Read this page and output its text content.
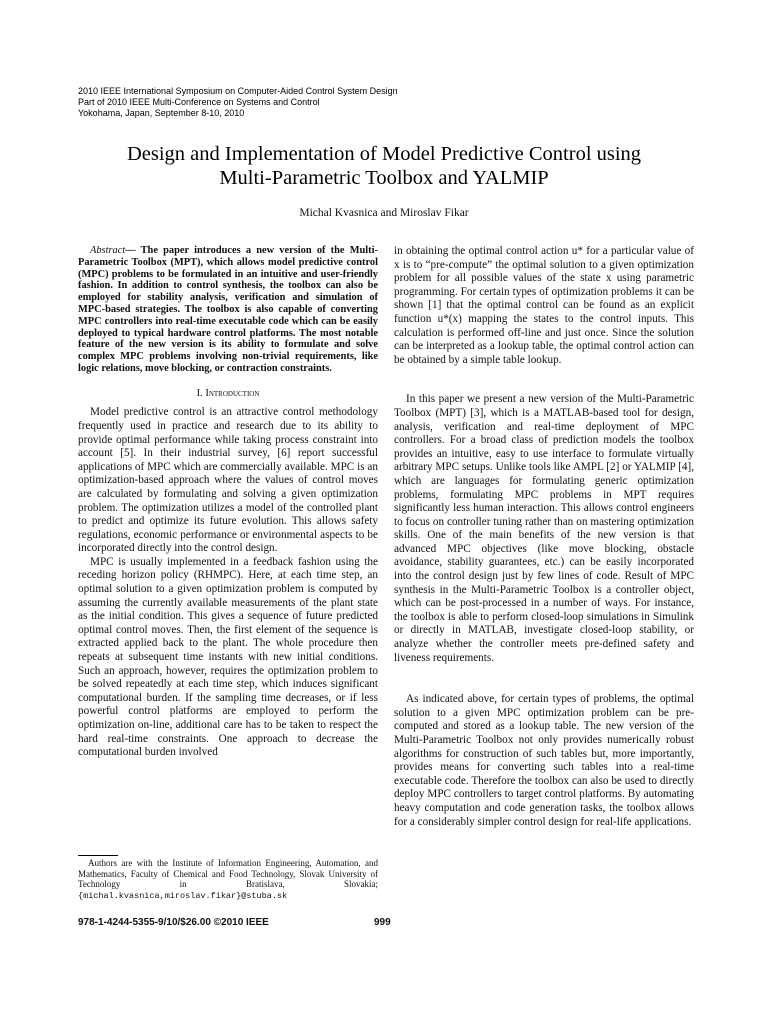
2010 IEEE International Symposium on Computer-Aided Control System Design
Part of 2010 IEEE Multi-Conference on Systems and Control
Yokohama, Japan, September 8-10, 2010
Design and Implementation of Model Predictive Control using
Multi-Parametric Toolbox and YALMIP
Michal Kvasnica and Miroslav Fikar
Abstract— The paper introduces a new version of the Multi-Parametric Toolbox (MPT), which allows model predictive control (MPC) problems to be formulated in an intuitive and user-friendly fashion. In addition to control synthesis, the toolbox can also be employed for stability analysis, verification and simulation of MPC-based strategies. The toolbox is also capable of converting MPC controllers into real-time executable code which can be easily deployed to typical hardware control platforms. The most notable feature of the new version is its ability to formulate and solve complex MPC problems involving non-trivial requirements, like logic relations, move blocking, or contraction constraints.
I. Introduction

Model predictive control is an attractive control methodology frequently used in practice and research due to its ability to provide optimal performance while taking process constraint into account [5]. In their industrial survey, [6] report successful applications of MPC which are commercially available. MPC is an optimization-based approach where the values of control moves are calculated by formulating and solving a given optimization problem. The optimization utilizes a model of the controlled plant to predict and optimize its future evolution. This allows safety regulations, economic performance or environmental aspects to be incorporated directly into the control design.

MPC is usually implemented in a feedback fashion using the receding horizon policy (RHMPC). Here, at each time step, an optimal solution to a given optimization problem is computed by assuming the currently available measurements of the plant state as the initial condition. This gives a sequence of future predicted optimal control moves. Then, the first element of the sequence is extracted applied back to the plant. The whole procedure then repeats at subsequent time instants with new initial conditions. Such an approach, however, requires the optimization problem to be solved repeatedly at each time step, which induces significant computational burden. If the sampling time decreases, or if less powerful control platforms are employed to perform the optimization on-line, additional care has to be taken to respect the hard real-time constraints. One approach to decrease the computational burden involved

in obtaining the optimal control action u* for a particular value of x is to “pre-compute” the optimal solution to a given optimization problem for all possible values of the state x using parametric programming. For certain types of optimization problems it can be shown [1] that the optimal control can be found as an explicit function u*(x) mapping the states to the control inputs. This calculation is performed off-line and just once. Since the solution can be interpreted as a lookup table, the optimal control action can be obtained by a simple table lookup.

In this paper we present a new version of the Multi-Parametric Toolbox (MPT) [3], which is a MATLAB-based tool for design, analysis, verification and real-time deployment of MPC controllers. For a broad class of prediction models the toolbox provides an intuitive, easy to use interface to formulate virtually arbitrary MPC setups. Unlike tools like AMPL [2] or YALMIP [4], which are languages for formulating generic optimization problems, formulating MPC problems in MPT requires significantly less human interaction. This allows control engineers to focus on controller tuning rather than on mastering optimization skills. One of the main benefits of the new version is that advanced MPC objectives (like move blocking, obstacle avoidance, stability guarantees, etc.) can be easily incorporated into the control design just by few lines of code. Result of MPC synthesis in the Multi-Parametric Toolbox is a controller object, which can be post-processed in a number of ways. For instance, the toolbox is able to perform closed-loop simulations in Simulink or directly in MATLAB, investigate closed-loop stability, or analyze whether the controller meets pre-defined safety and liveness requirements.

As indicated above, for certain types of problems, the optimal solution to a given MPC optimization problem can be pre-computed and stored as a lookup table. The new version of the Multi-Parametric Toolbox not only provides numerically robust algorithms for construction of such tables but, more importantly, provides means for converting such tables into a real-time executable code. Therefore the toolbox can also be used to directly deploy MPC controllers to target control platforms. By automating heavy computation and code generation tasks, the toolbox allows for a considerably simpler control design for real-life applications.

Authors are with the Institute of Information Engineering, Automation, and Mathematics, Faculty of Chemical and Food Technology, Slovak University of Technology in Bratislava, Slovakia; {michal.kvasnica,miroslav.fikar}@stuba.sk
978-1-4244-5355-9/10/$26.00 ©2010 IEEE	999
